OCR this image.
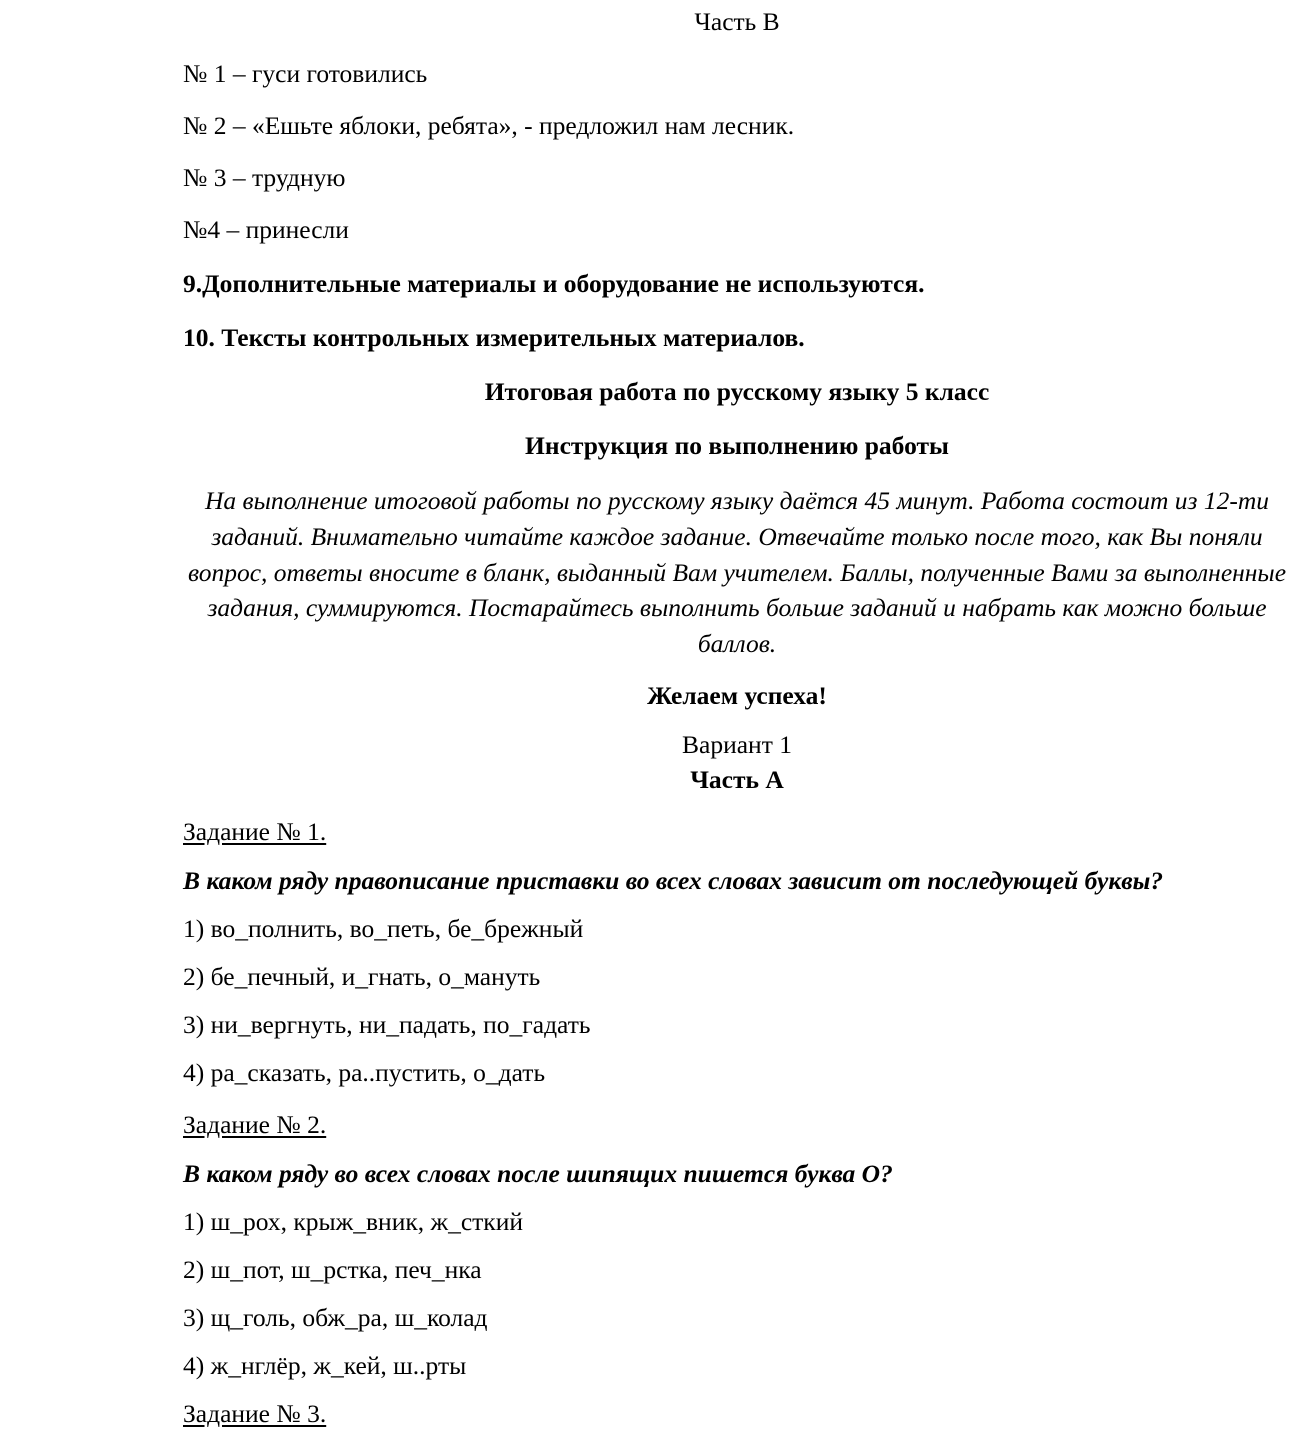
Часть В

№ 1 – гуси готовились

№ 2 – «Ешьте яблоки, ребята», - предложил нам лесник.

№ 3 – трудную

№4 – принесли

9.Дополнительные материалы и оборудование не используются.

10. Тексты контрольных измерительных материалов.

Итоговая работа по русскому языку 5 класс

Инструкция по выполнению работы

На выполнение итоговой работы по русскому языку даётся 45 минут. Работа состоит из 12-ти заданий. Внимательно читайте каждое задание. Отвечайте только после того, как Вы поняли вопрос, ответы вносите в бланк, выданный Вам учителем. Баллы, полученные Вами за выполненные задания, суммируются. Постарайтесь выполнить больше заданий и набрать как можно больше баллов.

Желаем успеха!

Вариант 1

Часть А

Задание № 1.

В каком ряду правописание приставки во всех словах зависит от последующей буквы?

1) во_полнить, во_петь, бе_брежный

2) бе_печный, и_гнать, о_мануть

3) ни_вергнуть, ни_падать, по_гадать

4) ра_сказать, ра..пустить, о_дать

Задание № 2.

В каком ряду во всех словах после шипящих пишется буква О?

1) ш_рох, крыж_вник, ж_сткий

2) ш_пот, ш_рстка, печ_нка

3) щ_голь, обж_ра, ш_колад

4) ж_нглёр, ж_кей, ш..рты

Задание № 3.
